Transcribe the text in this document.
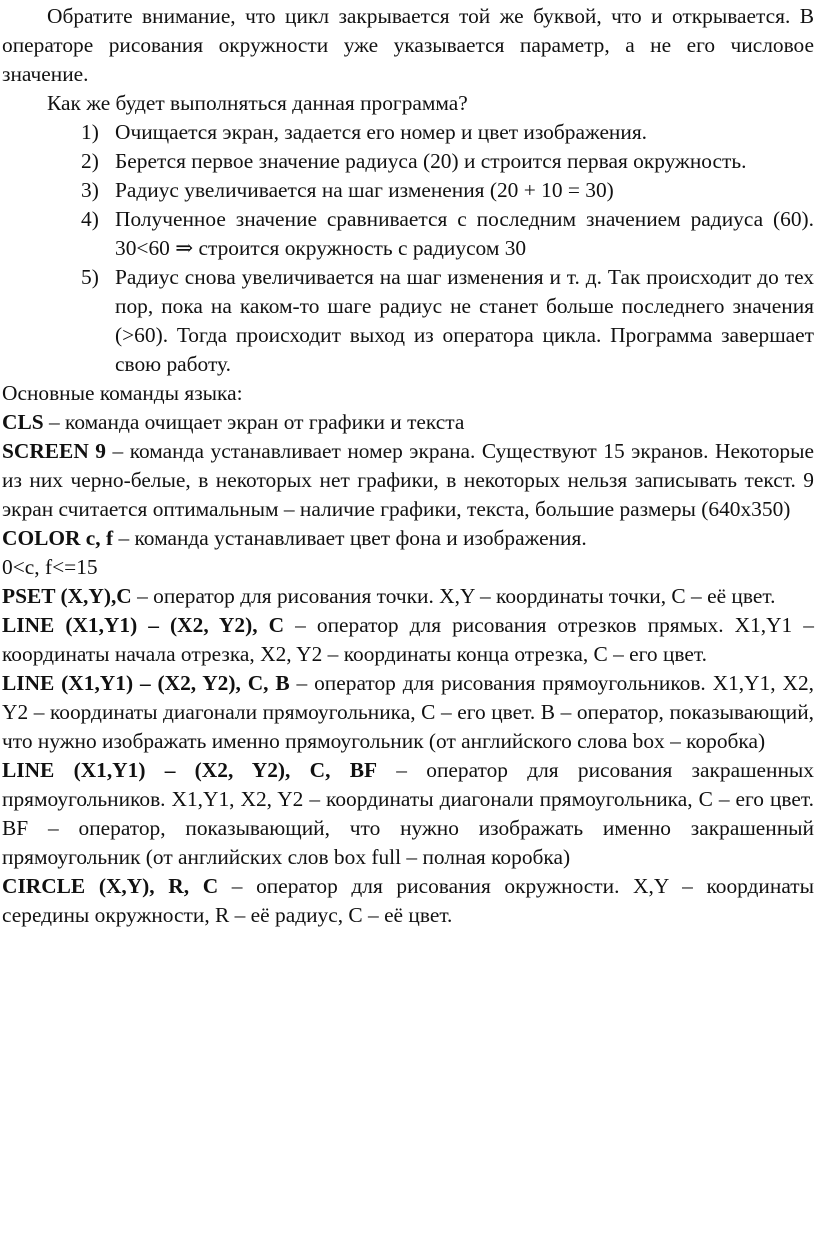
Обратите внимание, что цикл закрывается той же буквой, что и открывается. В операторе рисования окружности уже указывается параметр, а не его числовое значение.

Как же будет выполняться данная программа?

1) Очищается экран, задается его номер и цвет изображения.
2) Берется первое значение радиуса (20) и строится первая окружность.
3) Радиус увеличивается на шаг изменения (20 + 10 = 30)
4) Полученное значение сравнивается с последним значением радиуса (60). 30<60 ⇒ строится окружность с радиусом 30
5) Радиус снова увеличивается на шаг изменения и т. д. Так происходит до тех пор, пока на каком-то шаге радиус не станет больше последнего значения (>60). Тогда происходит выход из оператора цикла. Программа завершает свою работу.

Основные команды языка:

CLS – команда очищает экран от графики и текста

SCREEN 9 – команда устанавливает номер экрана. Существуют 15 экранов. Некоторые из них черно-белые, в некоторых нет графики, в некоторых нельзя записывать текст. 9 экран считается оптимальным – наличие графики, текста, большие размеры (640x350)

COLOR c, f – команда устанавливает цвет фона и изображения.

0<c, f<=15

PSET (X,Y),C – оператор для рисования точки. X,Y – координаты точки, C – её цвет.

LINE (X1,Y1) – (X2, Y2), C – оператор для рисования отрезков прямых. X1,Y1 – координаты начала отрезка, X2, Y2 – координаты конца отрезка, C – его цвет.

LINE (X1,Y1) – (X2, Y2), C, B – оператор для рисования прямоугольников. X1,Y1, X2, Y2 – координаты диагонали прямоугольника, C – его цвет. B – оператор, показывающий, что нужно изображать именно прямоугольник (от английского слова box – коробка)

LINE (X1,Y1) – (X2, Y2), C, BF – оператор для рисования закрашенных прямоугольников. X1,Y1, X2, Y2 – координаты диагонали прямоугольника, C – его цвет. BF – оператор, показывающий, что нужно изображать именно закрашенный прямоугольник (от английских слов box full – полная коробка)

CIRCLE (X,Y), R, C – оператор для рисования окружности. X,Y – координаты середины окружности, R – её радиус, C – её цвет.
